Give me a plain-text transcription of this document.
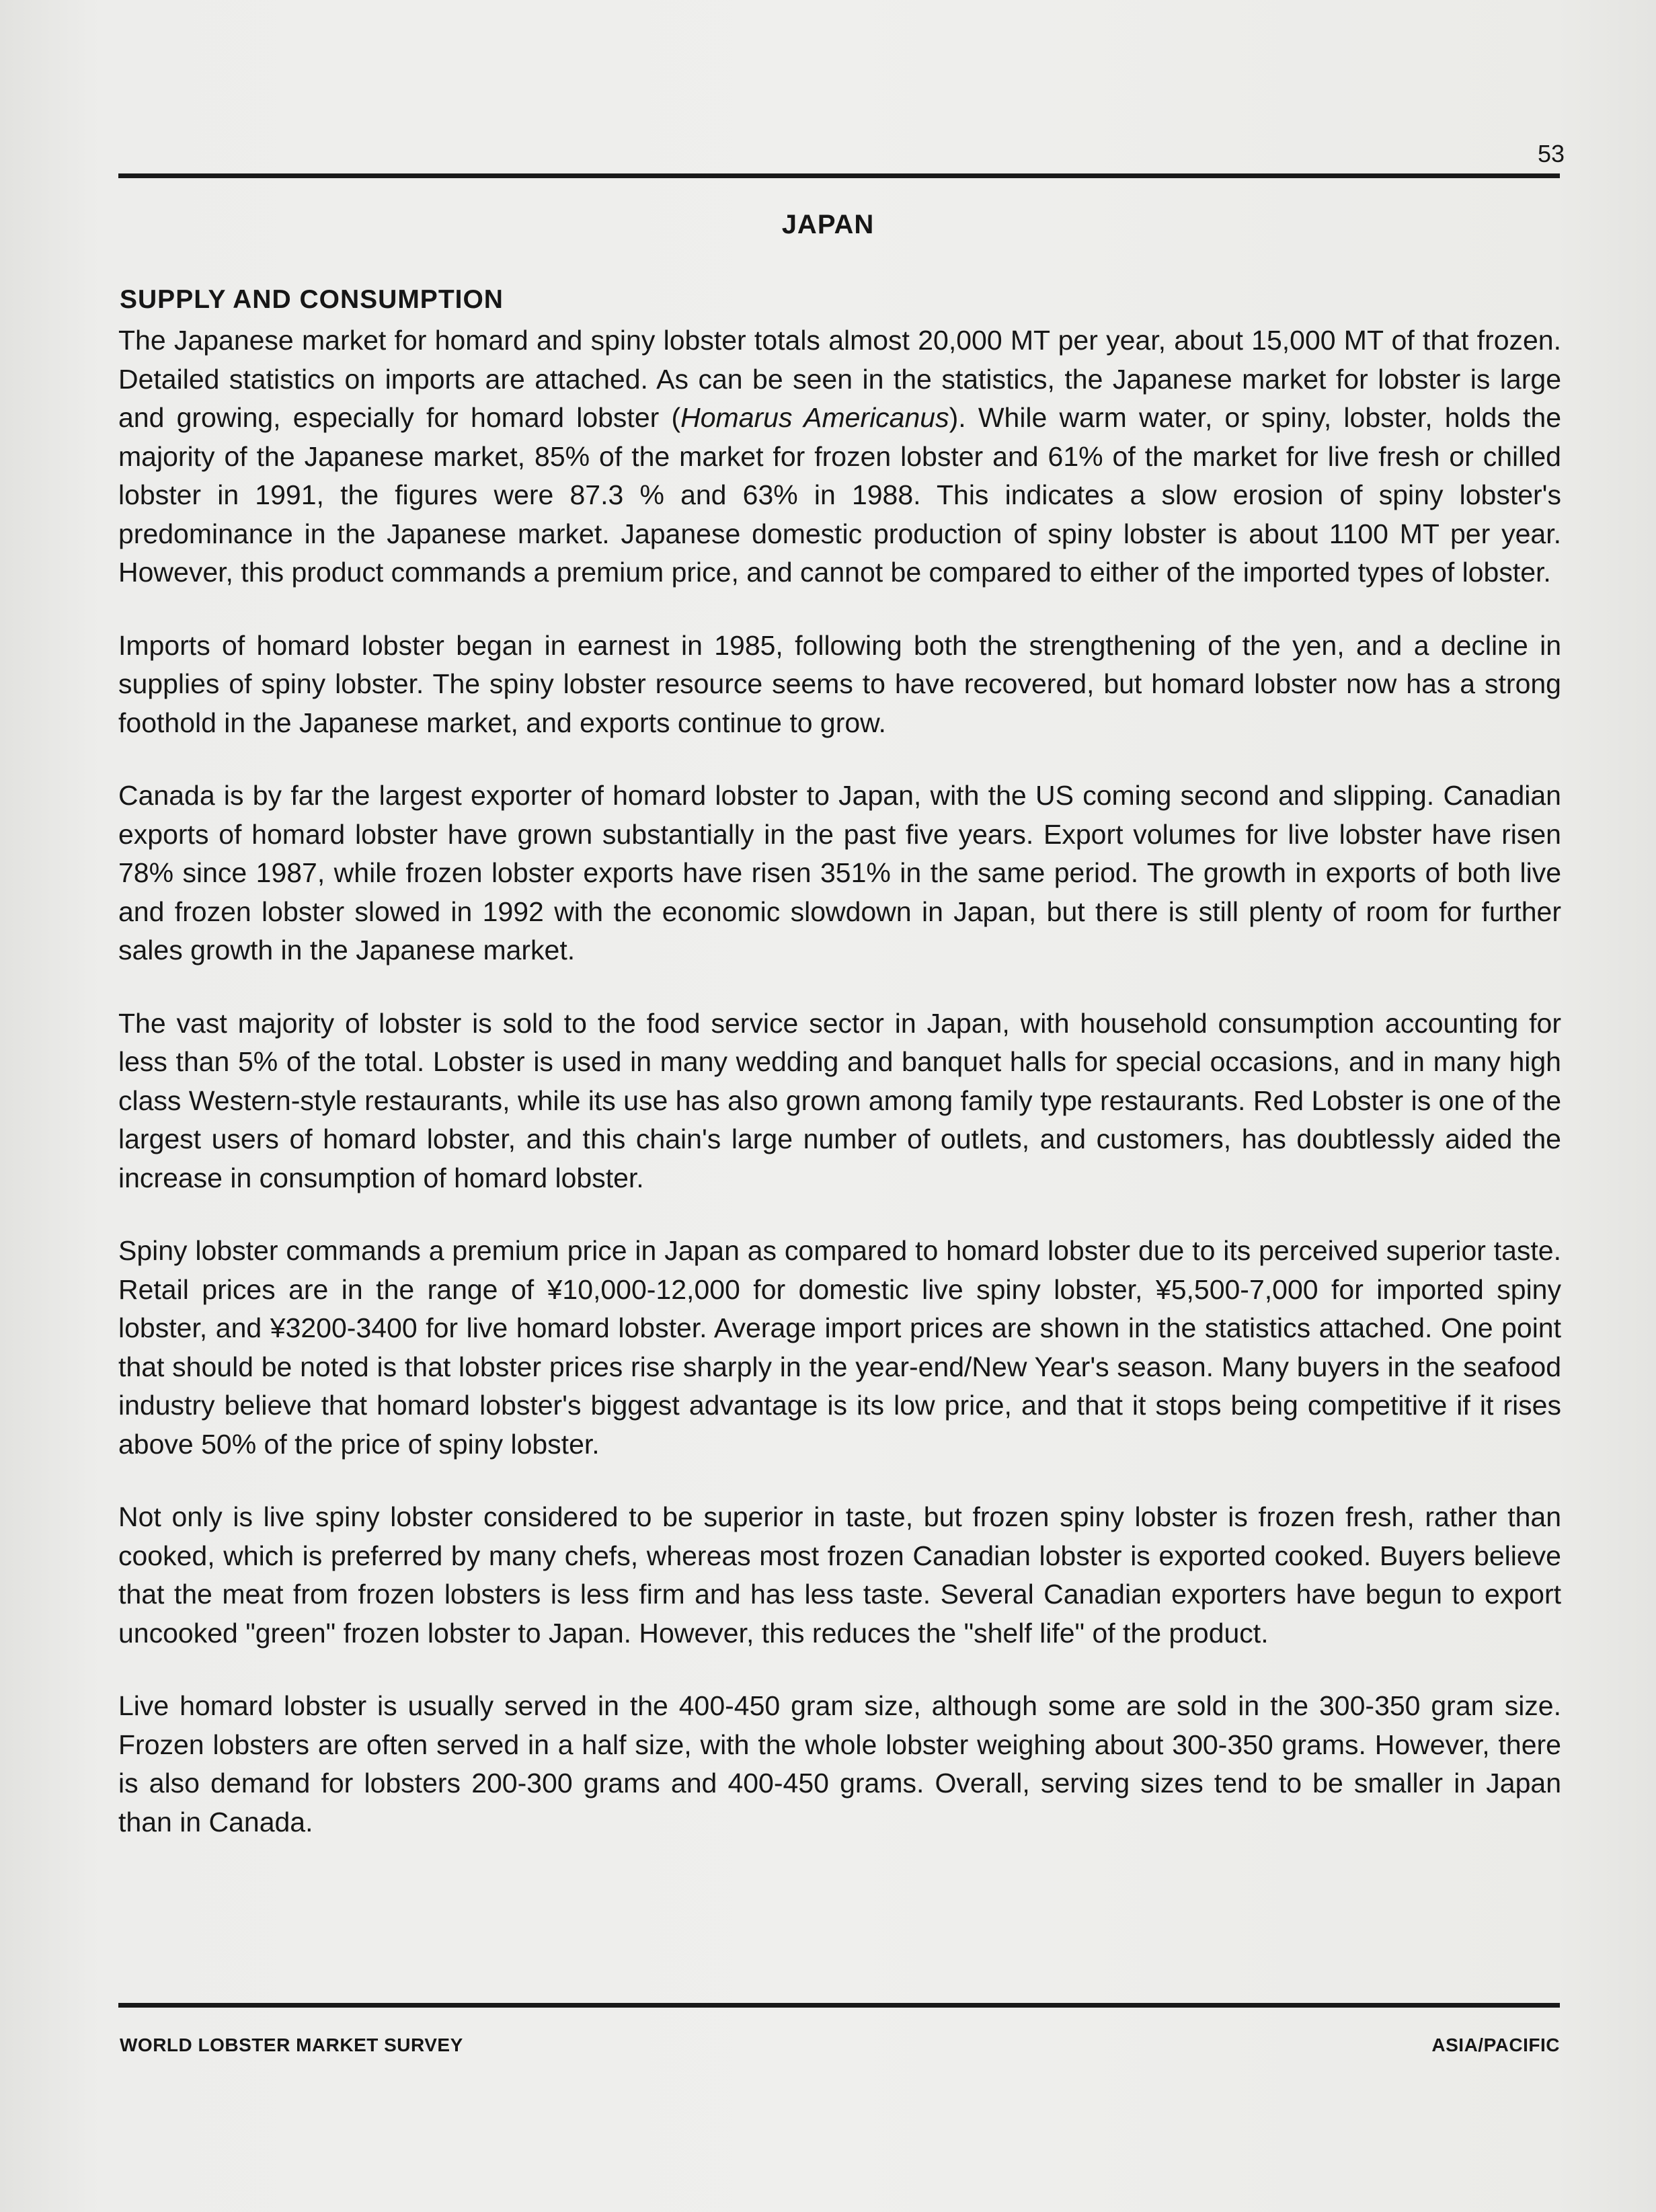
53
JAPAN
SUPPLY AND CONSUMPTION

The Japanese market for homard and spiny lobster totals almost 20,000 MT per year, about 15,000 MT of that frozen. Detailed statistics on imports are attached. As can be seen in the statistics, the Japanese market for lobster is large and growing, especially for homard lobster (Homarus Americanus). While warm water, or spiny, lobster, holds the majority of the Japanese market, 85% of the market for frozen lobster and 61% of the market for live fresh or chilled lobster in 1991, the figures were 87.3 % and 63% in 1988. This indicates a slow erosion of spiny lobster's predominance in the Japanese market. Japanese domestic production of spiny lobster is about 1100 MT per year. However, this product commands a premium price, and cannot be compared to either of the imported types of lobster.

Imports of homard lobster began in earnest in 1985, following both the strengthening of the yen, and a decline in supplies of spiny lobster. The spiny lobster resource seems to have recovered, but homard lobster now has a strong foothold in the Japanese market, and exports continue to grow.

Canada is by far the largest exporter of homard lobster to Japan, with the US coming second and slipping. Canadian exports of homard lobster have grown substantially in the past five years. Export volumes for live lobster have risen 78% since 1987, while frozen lobster exports have risen 351% in the same period. The growth in exports of both live and frozen lobster slowed in 1992 with the economic slowdown in Japan, but there is still plenty of room for further sales growth in the Japanese market.

The vast majority of lobster is sold to the food service sector in Japan, with household consumption accounting for less than 5% of the total. Lobster is used in many wedding and banquet halls for special occasions, and in many high class Western-style restaurants, while its use has also grown among family type restaurants. Red Lobster is one of the largest users of homard lobster, and this chain's large number of outlets, and customers, has doubtlessly aided the increase in consumption of homard lobster.

Spiny lobster commands a premium price in Japan as compared to homard lobster due to its perceived superior taste. Retail prices are in the range of ¥10,000-12,000 for domestic live spiny lobster, ¥5,500-7,000 for imported spiny lobster, and ¥3200-3400 for live homard lobster. Average import prices are shown in the statistics attached. One point that should be noted is that lobster prices rise sharply in the year-end/New Year's season. Many buyers in the seafood industry believe that homard lobster's biggest advantage is its low price, and that it stops being competitive if it rises above 50% of the price of spiny lobster.

Not only is live spiny lobster considered to be superior in taste, but frozen spiny lobster is frozen fresh, rather than cooked, which is preferred by many chefs, whereas most frozen Canadian lobster is exported cooked. Buyers believe that the meat from frozen lobsters is less firm and has less taste. Several Canadian exporters have begun to export uncooked "green" frozen lobster to Japan. However, this reduces the "shelf life" of the product.

Live homard lobster is usually served in the 400-450 gram size, although some are sold in the 300-350 gram size. Frozen lobsters are often served in a half size, with the whole lobster weighing about 300-350 grams. However, there is also demand for lobsters 200-300 grams and 400-450 grams. Overall, serving sizes tend to be smaller in Japan than in Canada.

WORLD LOBSTER MARKET SURVEY	ASIA/PACIFIC
